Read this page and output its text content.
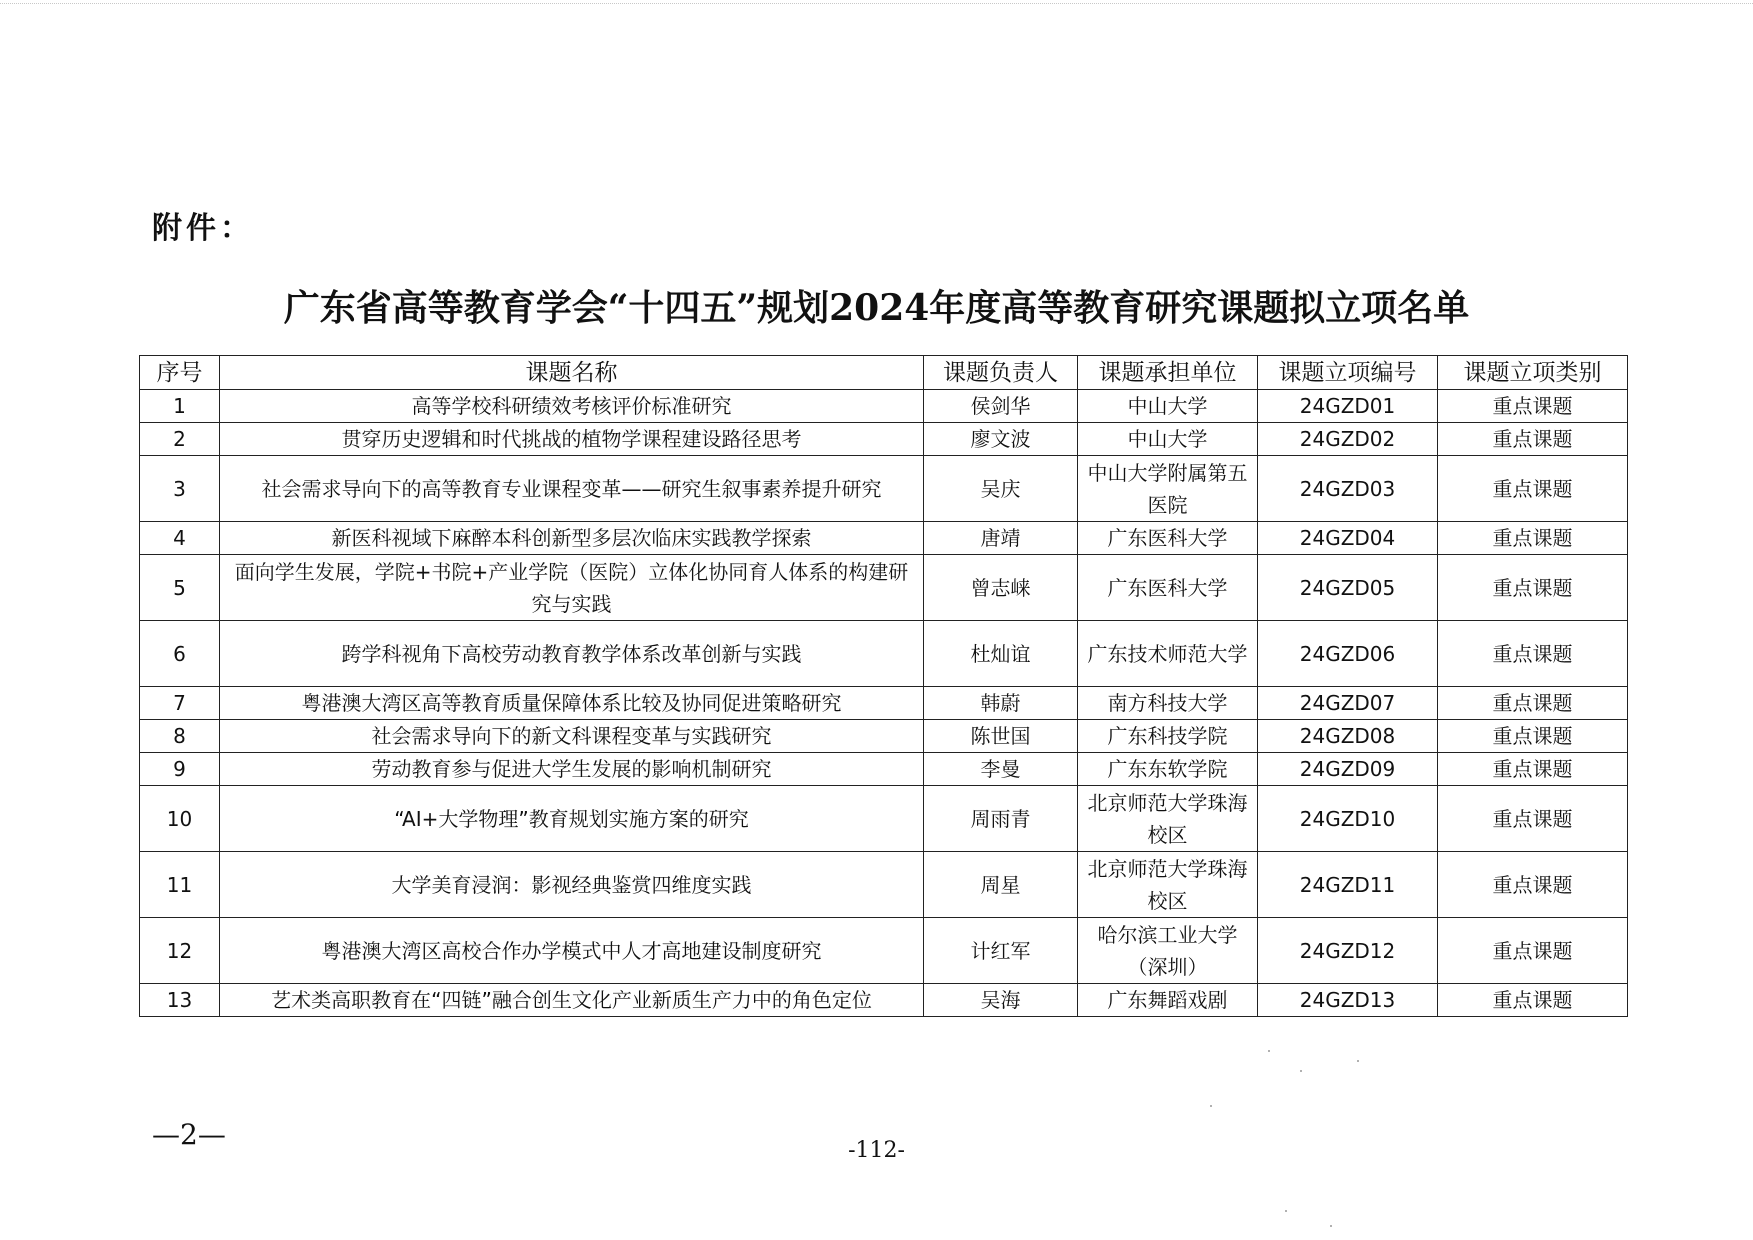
附件：
广东省高等教育学会“十四五”规划2024年度高等教育研究课题拟立项名单
序号	课题名称	课题负责人	课题承担单位	课题立项编号	课题立项类别
1	高等学校科研绩效考核评价标准研究	侯剑华	中山大学	24GZD01	重点课题
2	贯穿历史逻辑和时代挑战的植物学课程建设路径思考	廖文波	中山大学	24GZD02	重点课题
3	社会需求导向下的高等教育专业课程变革——研究生叙事素养提升研究	吴庆	中山大学附属第五医院	24GZD03	重点课题
4	新医科视域下麻醉本科创新型多层次临床实践教学探索	唐靖	广东医科大学	24GZD04	重点课题
5	面向学生发展，学院+书院+产业学院（医院）立体化协同育人体系的构建研究与实践	曾志崃	广东医科大学	24GZD05	重点课题
6	跨学科视角下高校劳动教育教学体系改革创新与实践	杜灿谊	广东技术师范大学	24GZD06	重点课题
7	粤港澳大湾区高等教育质量保障体系比较及协同促进策略研究	韩蔚	南方科技大学	24GZD07	重点课题
8	社会需求导向下的新文科课程变革与实践研究	陈世国	广东科技学院	24GZD08	重点课题
9	劳动教育参与促进大学生发展的影响机制研究	李曼	广东东软学院	24GZD09	重点课题
10	“AI+大学物理”教育规划实施方案的研究	周雨青	北京师范大学珠海校区	24GZD10	重点课题
11	大学美育浸润：影视经典鉴赏四维度实践	周星	北京师范大学珠海校区	24GZD11	重点课题
12	粤港澳大湾区高校合作办学模式中人才高地建设制度研究	计红军	哈尔滨工业大学（深圳）	24GZD12	重点课题
13	艺术类高职教育在“四链”融合创生文化产业新质生产力中的角色定位	吴海	广东舞蹈戏剧	24GZD13	重点课题
—2—	-112-
